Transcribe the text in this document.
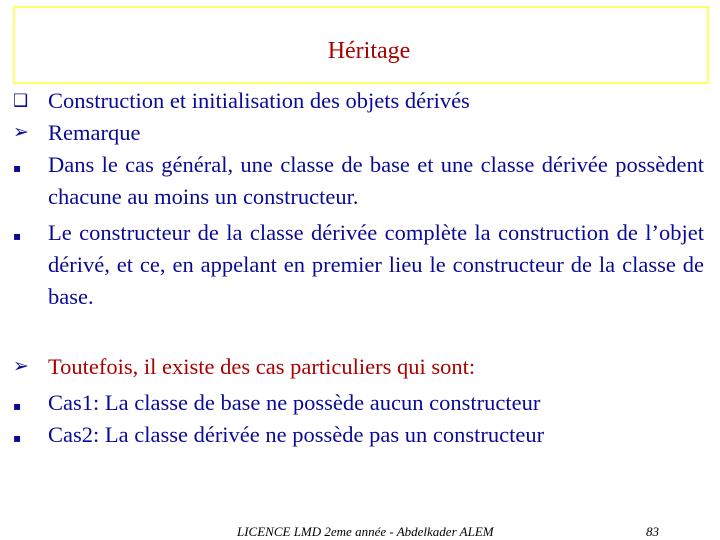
Héritage
❑ Construction et initialisation des objets dérivés
➢ Remarque
▪	Dans le cas général, une classe de base et une classe dérivée possèdent chacune au moins un constructeur.
▪	Le constructeur de la classe dérivée complète la construction de l’objet dérivé, et ce, en appelant en premier lieu le constructeur de la classe de base.
➢ Toutefois, il existe des cas particuliers qui sont:
▪	Cas1: La classe de base ne possède aucun constructeur
▪	Cas2: La classe dérivée ne possède pas un constructeur
LICENCE LMD 2eme année - Abdelkader ALEM	83
